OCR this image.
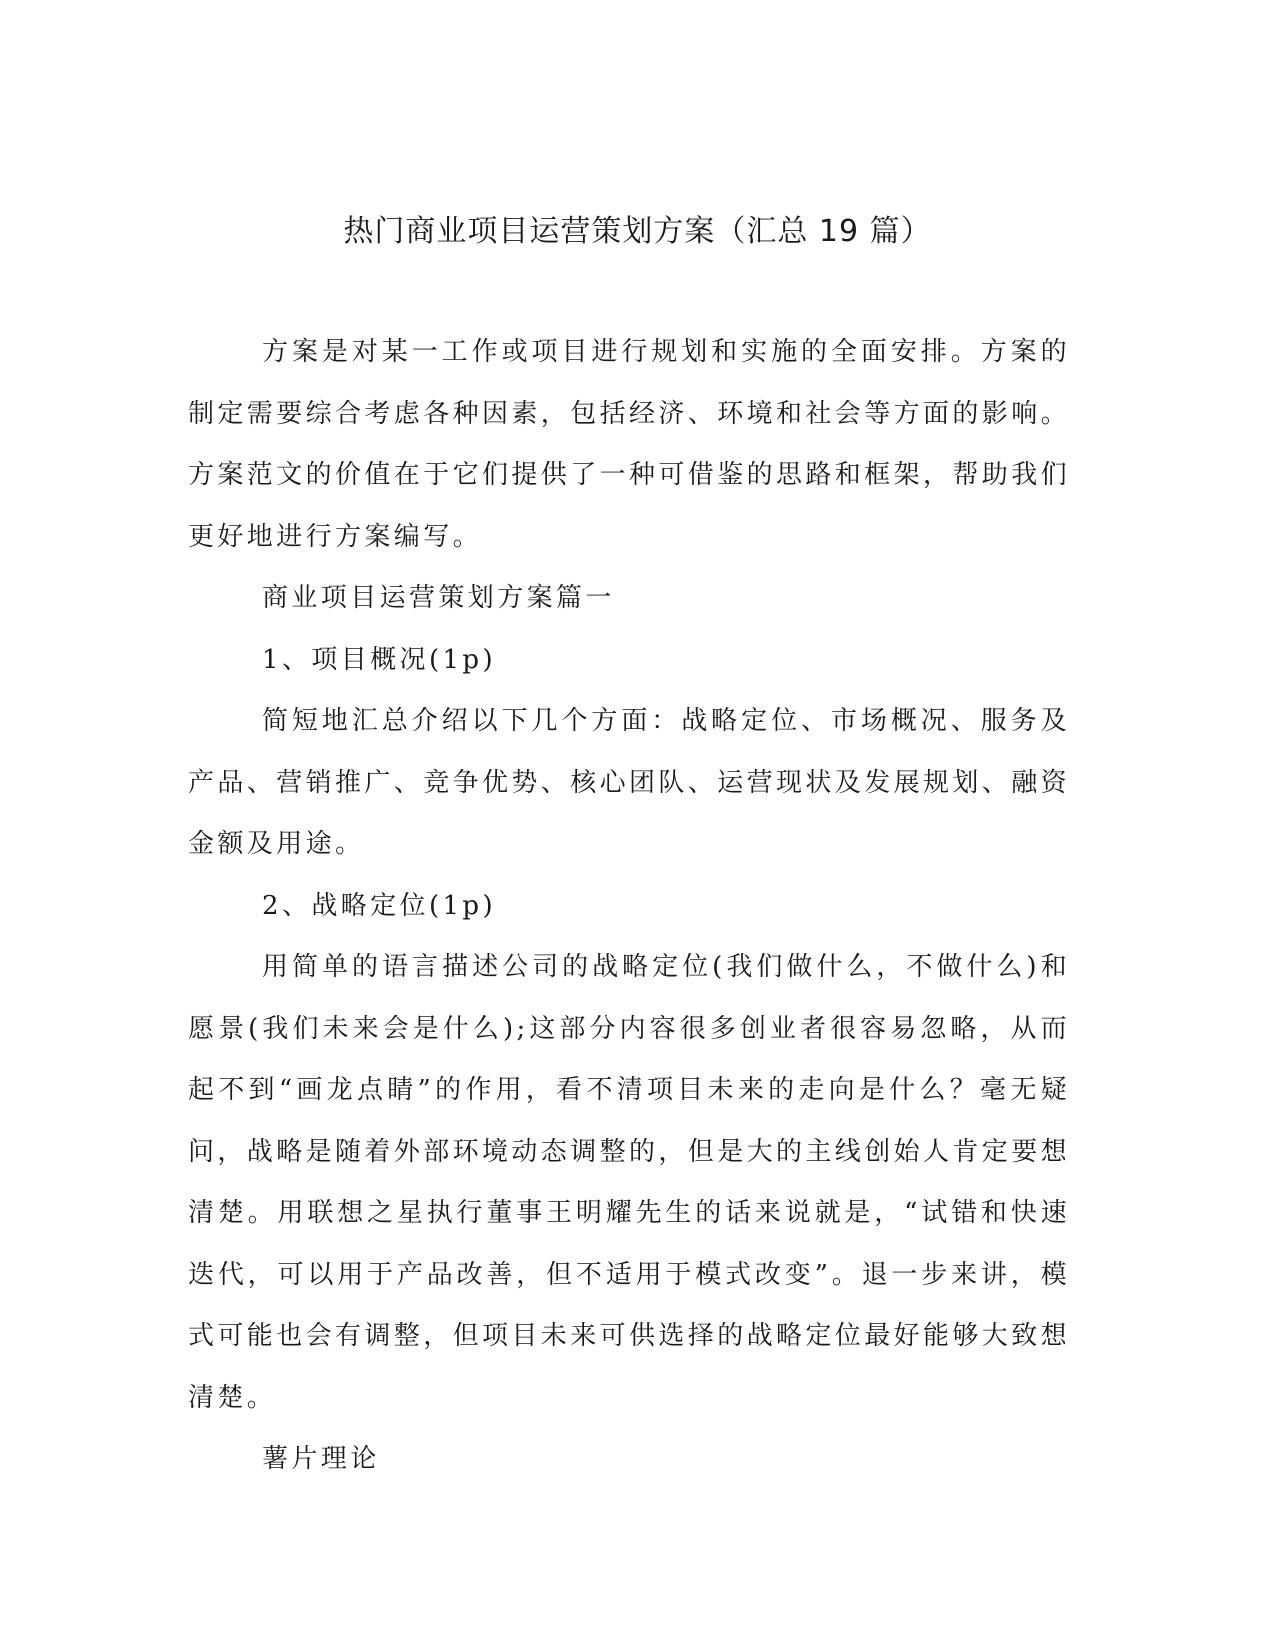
热门商业项目运营策划方案（汇总 19 篇）

方案是对某一工作或项目进行规划和实施的全面安排。方案的制定需要综合考虑各种因素，包括经济、环境和社会等方面的影响。方案范文的价值在于它们提供了一种可借鉴的思路和框架，帮助我们更好地进行方案编写。

商业项目运营策划方案篇一

1、项目概况(1p)

简短地汇总介绍以下几个方面：战略定位、市场概况、服务及产品、营销推广、竞争优势、核心团队、运营现状及发展规划、融资金额及用途。

2、战略定位(1p)

用简单的语言描述公司的战略定位(我们做什么，不做什么)和愿景(我们未来会是什么);这部分内容很多创业者很容易忽略，从而起不到“画龙点睛”的作用，看不清项目未来的走向是什么？毫无疑问，战略是随着外部环境动态调整的，但是大的主线创始人肯定要想清楚。用联想之星执行董事王明耀先生的话来说就是，“试错和快速迭代，可以用于产品改善，但不适用于模式改变”。退一步来讲，模式可能也会有调整，但项目未来可供选择的战略定位最好能够大致想清楚。

薯片理论
